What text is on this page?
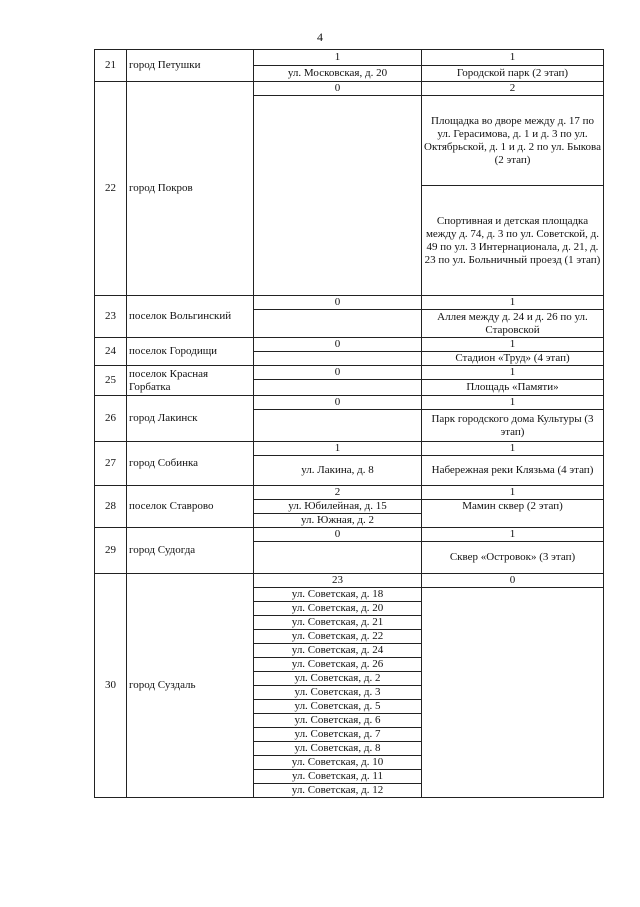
4
21	город Петушки	1	1
		ул. Московская, д. 20	Городской парк (2 этап)
22	город Покров	0	2
			Площадка во дворе между д. 17 по ул. Герасимова, д. 1 и д. 3 по ул. Октябрьской, д. 1 и д. 2 по ул. Быкова (2 этап)
			Спортивная и детская площадка между д. 74, д. 3 по ул. Советской, д. 49 по ул. 3 Интернационала, д. 21, д. 23 по ул. Больничный проезд (1 этап)
23	поселок Вольгинский	0	1
			Аллея между д. 24 и д. 26 по ул. Старовской
24	поселок Городищи	0	1
			Стадион «Труд» (4 этап)
25	поселок Красная Горбатка	0	1
			Площадь «Памяти»
26	город Лакинск	0	1
			Парк городского дома Культуры (3 этап)
27	город Собинка	1	1
		ул. Лакина, д. 8	Набережная реки Клязьма (4 этап)
28	поселок Ставрово	2	1
		ул. Юбилейная, д. 15	Мамин сквер (2 этап)
		ул. Южная, д. 2	
29	город Судогда	0	1
			Сквер «Островок» (3 этап)
30	город Суздаль	23	0
		ул. Советская, д. 18	
		ул. Советская, д. 20	
		ул. Советская, д. 21	
		ул. Советская, д. 22	
		ул. Советская, д. 24	
		ул. Советская, д. 26	
		ул. Советская, д. 2	
		ул. Советская, д. 3	
		ул. Советская, д. 5	
		ул. Советская, д. 6	
		ул. Советская, д. 7	
		ул. Советская, д. 8	
		ул. Советская, д. 10	
		ул. Советская, д. 11	
		ул. Советская, д. 12	
